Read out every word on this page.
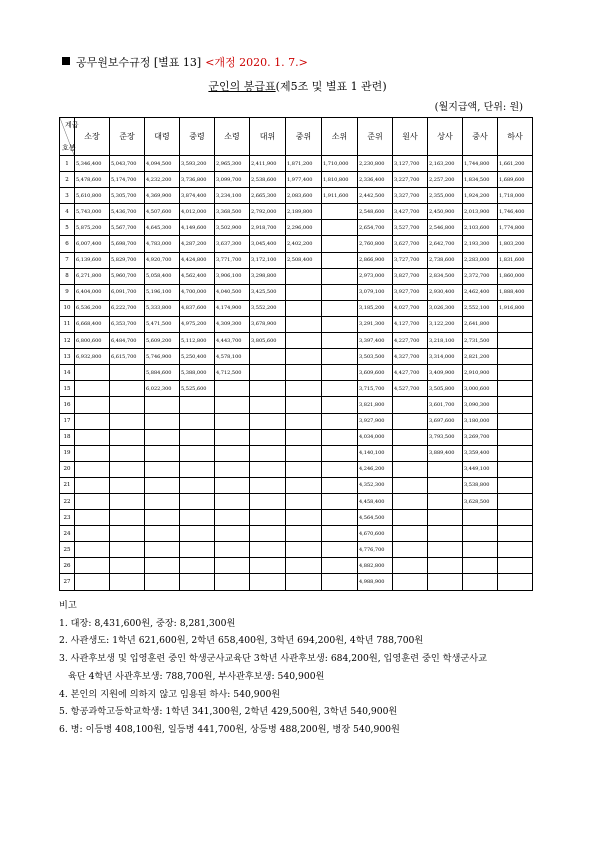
공무원보수규정 [별표 13] <개정 2020. 1. 7.>
군인의 봉급표(제5조 및 별표 1 관련)
(월지급액, 단위: 원)
계급
호봉	소장	준장	대령	중령	소령	대위	중위	소위	준위	원사	상사	중사	하사
1	5,346,400	5,043,700	4,094,500	3,593,200	2,965,300	2,411,900	1,871,200	1,710,000	2,230,800	3,127,700	2,163,200	1,744,800	1,661,200
2	5,478,600	5,174,700	4,232,200	3,736,800	3,099,700	2,538,600	1,977,400	1,810,800	2,336,400	3,227,700	2,257,200	1,834,500	1,689,600
3	5,610,800	5,305,700	4,369,900	3,874,400	3,234,100	2,665,300	2,083,600	1,911,600	2,442,500	3,327,700	2,355,000	1,924,200	1,718,000
4	5,743,000	5,436,700	4,507,600	4,012,000	3,368,500	2,792,000	2,189,800		2,548,600	3,427,700	2,450,900	2,013,900	1,746,400
5	5,875,200	5,567,700	4,645,300	4,149,600	3,502,900	2,918,700	2,296,000		2,654,700	3,527,700	2,546,800	2,103,600	1,774,800
6	6,007,400	5,698,700	4,783,000	4,287,200	3,637,300	3,045,400	2,402,200		2,760,800	3,627,700	2,642,700	2,193,300	1,803,200
7	6,139,600	5,829,700	4,920,700	4,424,800	3,771,700	3,172,100	2,508,400		2,866,900	3,727,700	2,738,600	2,283,000	1,831,600
8	6,271,800	5,960,700	5,058,400	4,562,400	3,906,100	3,298,800			2,973,000	3,827,700	2,834,500	2,372,700	1,860,000
9	6,404,000	6,091,700	5,196,100	4,700,000	4,040,500	3,425,500			3,079,100	3,927,700	2,930,400	2,462,400	1,888,400
10	6,536,200	6,222,700	5,333,800	4,837,600	4,174,900	3,552,200			3,185,200	4,027,700	3,026,300	2,552,100	1,916,800
11	6,668,400	6,353,700	5,471,500	4,975,200	4,309,300	3,678,900			3,291,300	4,127,700	3,122,200	2,641,800	
12	6,800,600	6,484,700	5,609,200	5,112,800	4,443,700	3,805,600			3,397,400	4,227,700	3,218,100	2,731,500	
13	6,932,800	6,615,700	5,746,900	5,250,400	4,578,100				3,503,500	4,327,700	3,314,000	2,821,200	
14			5,884,600	5,388,000	4,712,500				3,609,600	4,427,700	3,409,900	2,910,900	
15			6,022,300	5,525,600					3,715,700	4,527,700	3,505,800	3,000,600	
16									3,821,800		3,601,700	3,090,300	
17									3,927,900		3,697,600	3,180,000	
18									4,034,000		3,793,500	3,269,700	
19									4,140,100		3,889,400	3,359,400	
20									4,246,200			3,449,100	
21									4,352,300			3,538,800	
22									4,458,400			3,628,500	
23									4,564,500				
24									4,670,600				
25									4,776,700				
26									4,882,800				
27									4,988,900				
비고
1. 대장: 8,431,600원, 중장: 8,281,300원
2. 사관생도: 1학년 621,600원, 2학년 658,400원, 3학년 694,200원, 4학년 788,700원
3. 사관후보생 및 입영훈련 중인 학생군사교육단 3학년 사관후보생: 684,200원, 입영훈련 중인 학생군사교
육단 4학년 사관후보생: 788,700원, 부사관후보생: 540,900원
4. 본인의 지원에 의하지 않고 임용된 하사: 540,900원
5. 항공과학고등학교학생: 1학년 341,300원, 2학년 429,500원, 3학년 540,900원
6. 병: 이등병 408,100원, 일등병 441,700원, 상등병 488,200원, 병장 540,900원
